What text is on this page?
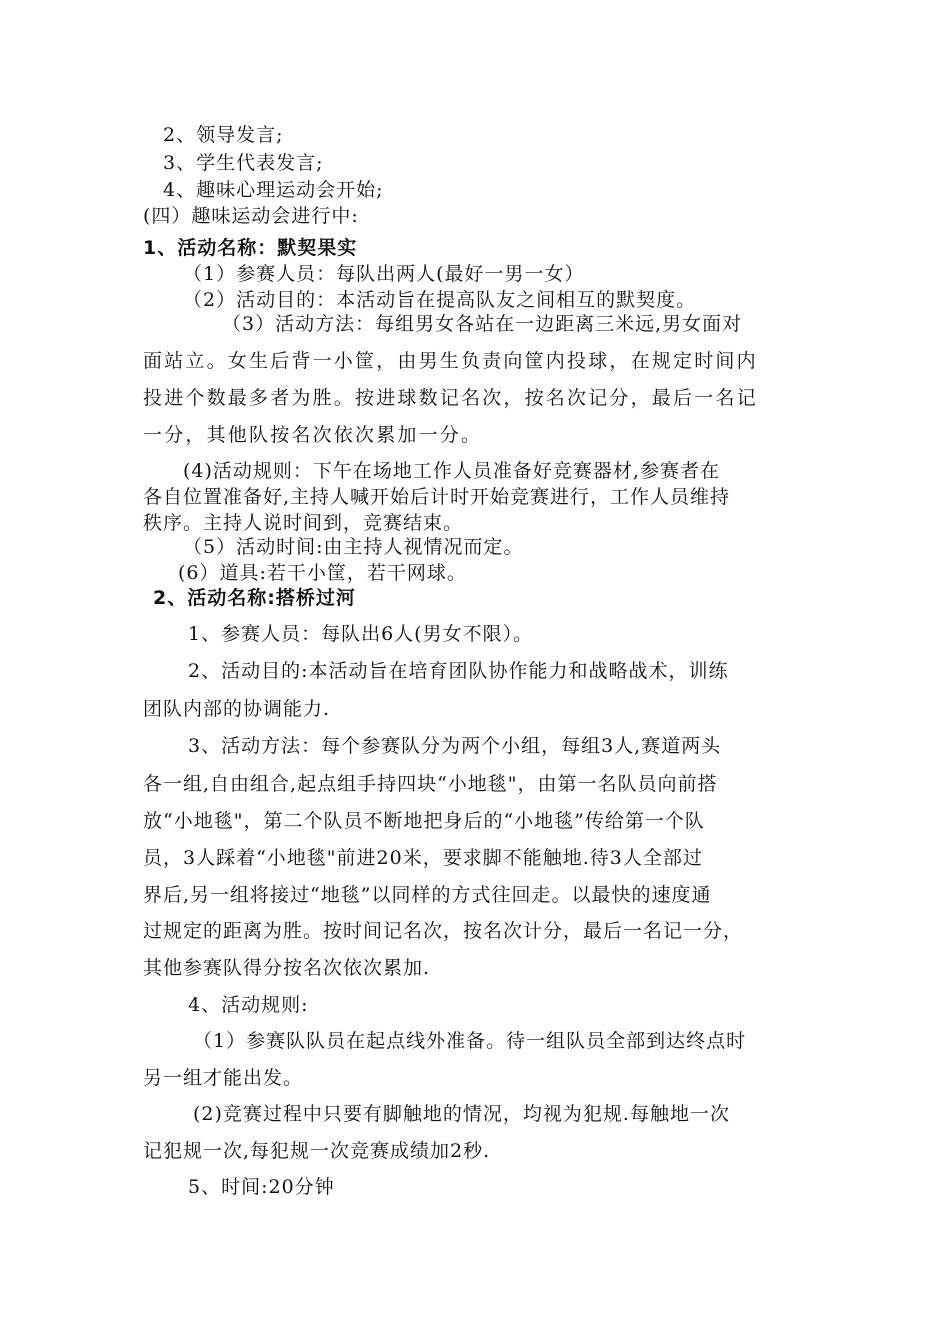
2、领导发言;
3、学生代表发言;
4、趣味心理运动会开始;
(四）趣味运动会进行中:
1、活动名称：默契果实
（1）参赛人员：每队出两人(最好一男一女）
（2）活动目的：本活动旨在提高队友之间相互的默契度。
（3）活动方法：每组男女各站在一边距离三米远,男女面对
面站立。女生后背一小筐，由男生负责向筐内投球，在规定时间内
投进个数最多者为胜。按进球数记名次，按名次记分，最后一名记
一分，其他队按名次依次累加一分。
(4)活动规则：下午在场地工作人员准备好竞赛器材,参赛者在
各自位置准备好,主持人喊开始后计时开始竞赛进行，工作人员维持
秩序。主持人说时间到，竞赛结束。
（5）活动时间:由主持人视情况而定。
(6）道具:若干小筐，若干网球。
2、活动名称:搭桥过河
1、参赛人员：每队出6人(男女不限）。
2、活动目的:本活动旨在培育团队协作能力和战略战术，训练
团队内部的协调能力.
3、活动方法：每个参赛队分为两个小组，每组3人,赛道两头
各一组,自由组合,起点组手持四块“小地毯"，由第一名队员向前搭
放“小地毯"，第二个队员不断地把身后的“小地毯”传给第一个队
员，3人踩着“小地毯"前进20米，要求脚不能触地.待3人全部过
界后,另一组将接过“地毯”以同样的方式往回走。以最快的速度通
过规定的距离为胜。按时间记名次，按名次计分，最后一名记一分，
其他参赛队得分按名次依次累加.
4、活动规则:
（1）参赛队队员在起点线外准备。待一组队员全部到达终点时
另一组才能出发。
(2)竞赛过程中只要有脚触地的情况，均视为犯规.每触地一次
记犯规一次,每犯规一次竞赛成绩加2秒.
5、时间:20分钟
